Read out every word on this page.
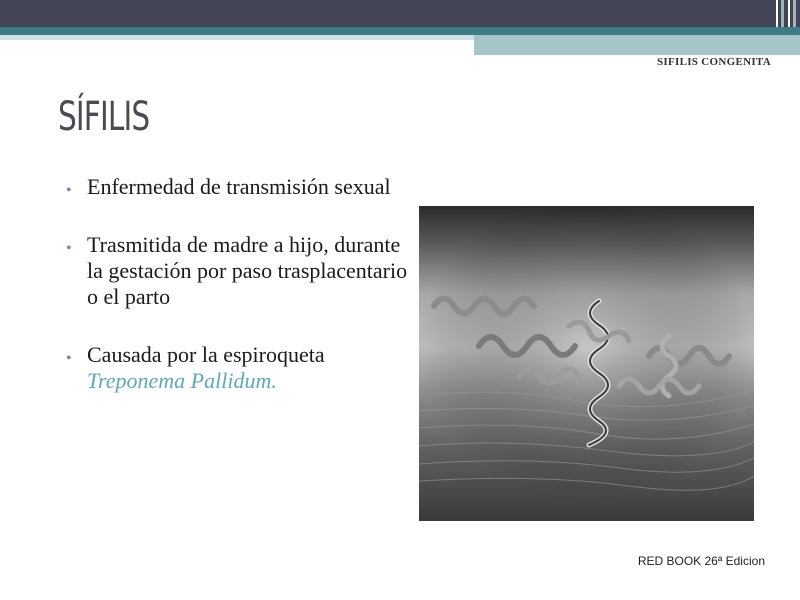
SIFILIS CONGENITA
SÍFILIS
• Enfermedad de transmisión sexual
• Trasmitida de madre a hijo, durante la gestación por paso trasplacentario o el parto
• Causada por la espiroqueta
Treponema Pallidum.
RED BOOK 26ª Edicion
